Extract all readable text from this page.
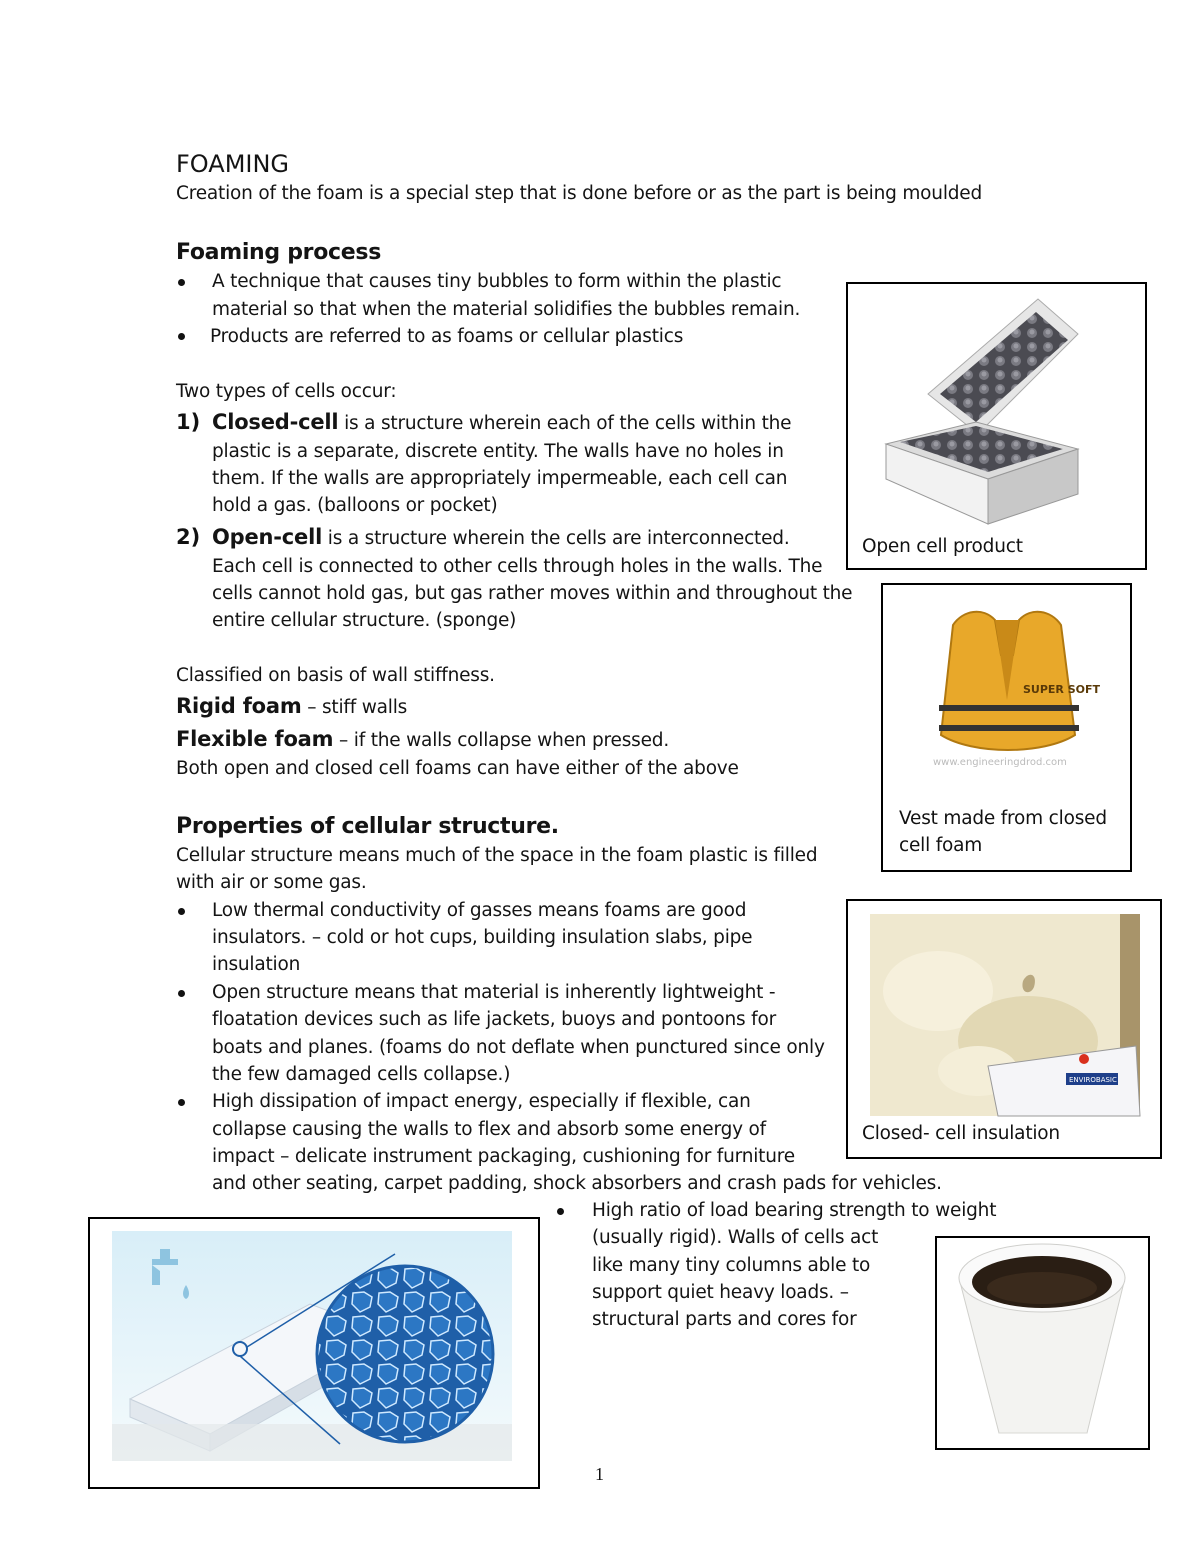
FOAMING
Creation of the foam is a special step that is done before or as the part is being moulded
Foaming process
A technique that causes tiny bubbles to form within the plastic
material so that when the material solidifies the bubbles remain.
Products are referred to as foams or cellular plastics
Two types of cells occur:
1) Closed-cell is a structure wherein each of the cells within the
plastic is a separate, discrete entity. The walls have no holes in
them. If the walls are appropriately impermeable, each cell can
hold a gas. (balloons or pocket)
2) Open-cell is a structure wherein the cells are interconnected.
Each cell is connected to other cells through holes in the walls. The
cells cannot hold gas, but gas rather moves within and throughout the
entire cellular structure. (sponge)
Classified on basis of wall stiffness.
Rigid foam – stiff walls
Flexible foam – if the walls collapse when pressed.
Both open and closed cell foams can have either of the above
Properties of cellular structure.
Cellular structure means much of the space in the foam plastic is filled
with air or some gas.
Low thermal conductivity of gasses means foams are good
insulators. – cold or hot cups, building insulation slabs, pipe
insulation
Open structure means that material is inherently lightweight -
floatation devices such as life jackets, buoys and pontoons for
boats and planes. (foams do not deflate when punctured since only
the few damaged cells collapse.)
High dissipation of impact energy, especially if flexible, can
collapse causing the walls to flex and absorb some energy of
impact – delicate instrument packaging, cushioning for furniture
and other seating, carpet padding, shock absorbers and crash pads for vehicles.
High ratio of load bearing strength to weight
(usually rigid). Walls of cells act
like many tiny columns able to
support quiet heavy loads. –
structural parts and cores for
Open cell product
SUPER SOFT
www.engineeringdrod.com
Vest made from closed
cell foam
ENVIROBASIC
Closed- cell insulation
1
